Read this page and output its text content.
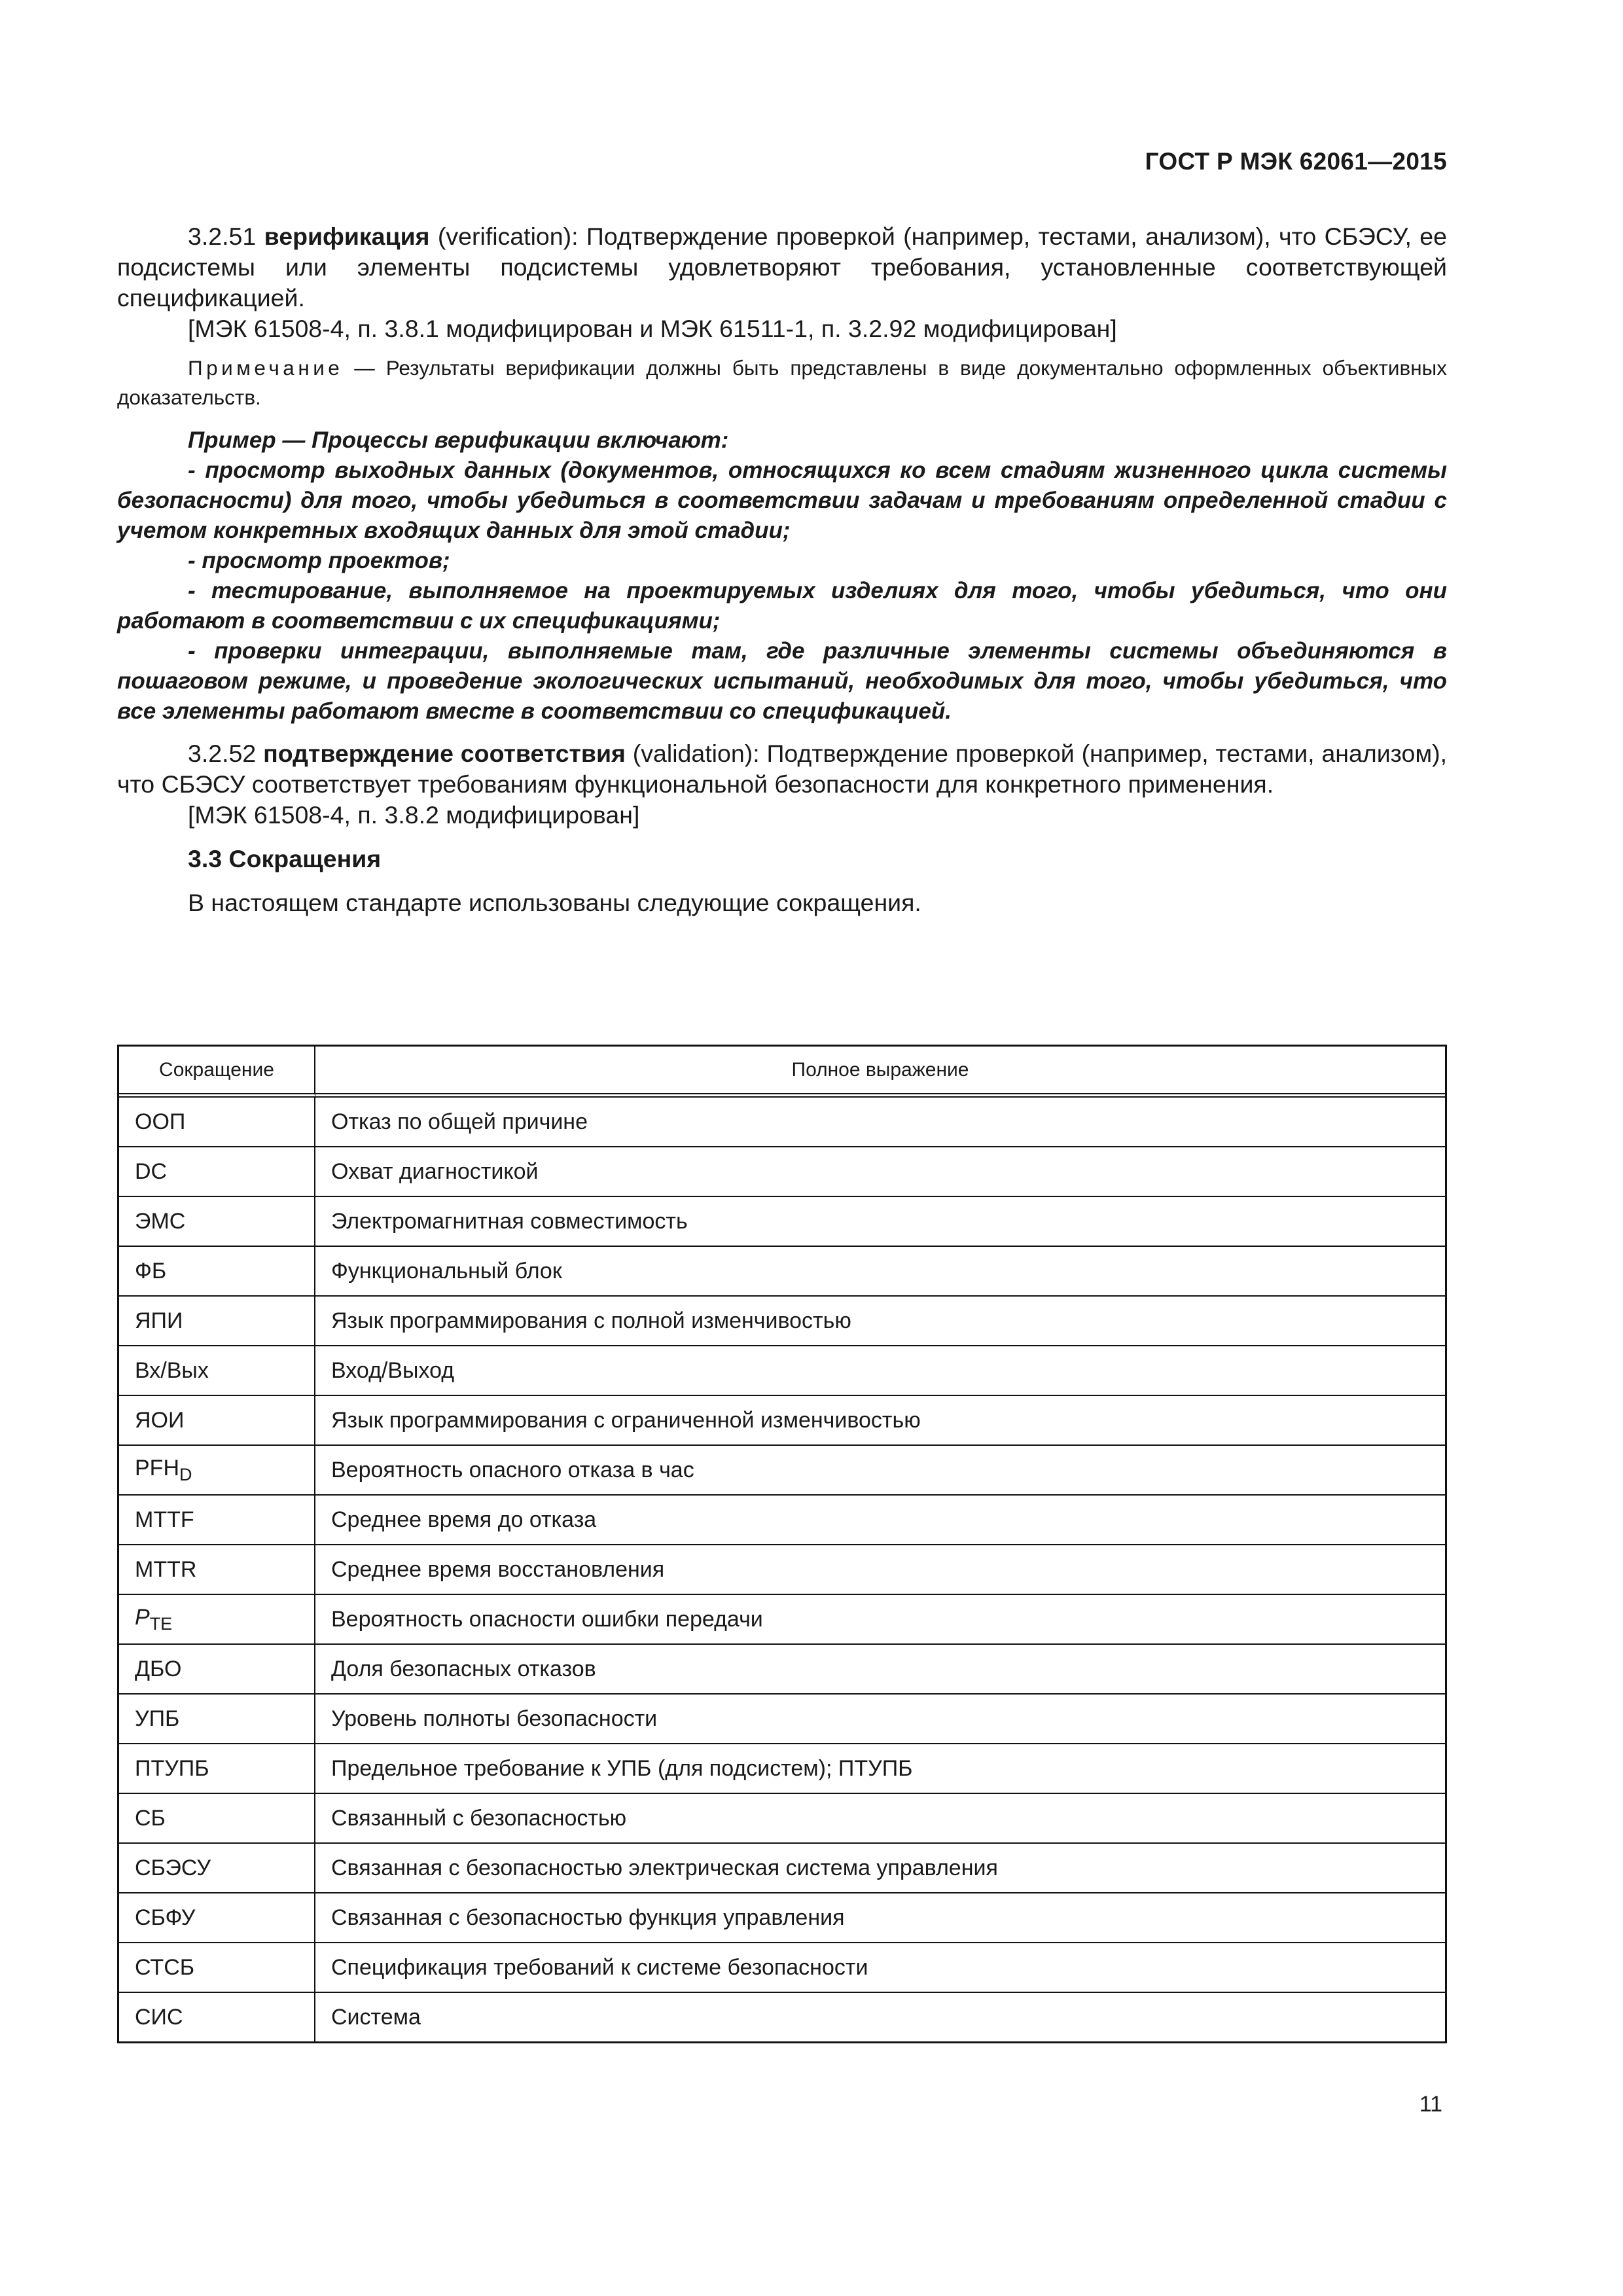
ГОСТ Р МЭК 62061—2015

3.2.51 верификация (verification): Подтверждение проверкой (например, тестами, анализом), что СБЭСУ, ее подсистемы или элементы подсистемы удовлетворяют требования, установленные соответствующей спецификацией.

[МЭК 61508-4, п. 3.8.1 модифицирован и МЭК 61511-1, п. 3.2.92 модифицирован]

Примечание — Результаты верификации должны быть представлены в виде документально оформленных объективных доказательств.

Пример — Процессы верификации включают:

- просмотр выходных данных (документов, относящихся ко всем стадиям жизненного цикла системы безопасности) для того, чтобы убедиться в соответствии задачам и требованиям определенной стадии с учетом конкретных входящих данных для этой стадии;

- просмотр проектов;

- тестирование, выполняемое на проектируемых изделиях для того, чтобы убедиться, что они работают в соответствии с их спецификациями;

- проверки интеграции, выполняемые там, где различные элементы системы объединяются в пошаговом режиме, и проведение экологических испытаний, необходимых для того, чтобы убедиться, что все элементы работают вместе в соответствии со спецификацией.

3.2.52 подтверждение соответствия (validation): Подтверждение проверкой (например, тестами, анализом), что СБЭСУ соответствует требованиям функциональной безопасности для конкретного применения.

[МЭК 61508-4, п. 3.8.2 модифицирован]

3.3 Сокращения

В настоящем стандарте использованы следующие сокращения.

Сокращение	Полное выражение
ООП	Отказ по общей причине
DC	Охват диагностикой
ЭМС	Электромагнитная совместимость
ФБ	Функциональный блок
ЯПИ	Язык программирования с полной изменчивостью
Вх/Вых	Вход/Выход
ЯОИ	Язык программирования с ограниченной изменчивостью
$PFH_D$	Вероятность опасного отказа в час
MTTF	Среднее время до отказа
MTTR	Среднее время восстановления
$P_{TE}$	Вероятность опасности ошибки передачи
ДБО	Доля безопасных отказов
УПБ	Уровень полноты безопасности
ПТУПБ	Предельное требование к УПБ (для подсистем); ПТУПБ
СБ	Связанный с безопасностью
СБЭСУ	Связанная с безопасностью электрическая система управления
СБФУ	Связанная с безопасностью функция управления
СТСБ	Спецификация требований к системе безопасности
СИС	Система
11
